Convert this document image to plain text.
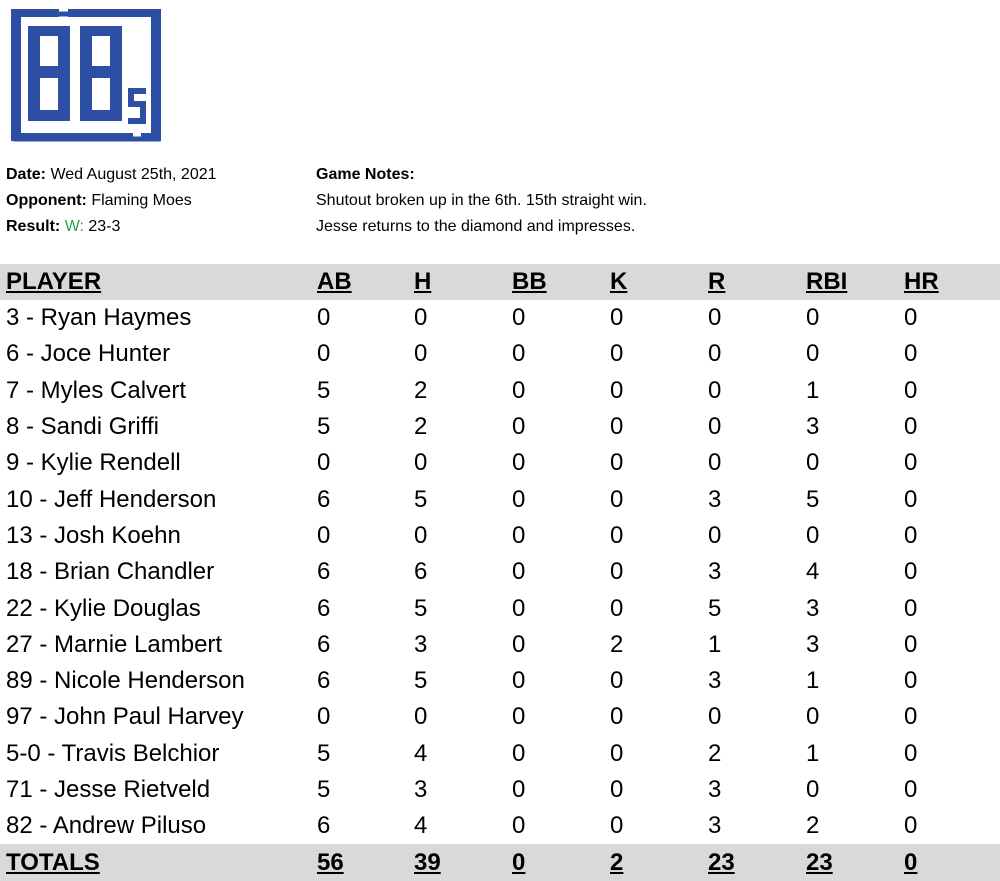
Date: Wed August 25th, 2021
Opponent: Flaming Moes
Result: W: 23-3
Game Notes:
Shutout broken up in the 6th. 15th straight win.
Jesse returns to the diamond and impresses.
PLAYER	AB	H	BB	K	R	RBI HR
3 - Ryan Haymes	0	0	0	0	0	0	0
6 - Joce Hunter	0	0	0	0	0	0	0
7 - Myles Calvert	5	2	0	0	0	1	0
8 - Sandi Griffi	5	2	0	0	0	3	0
9 - Kylie Rendell	0	0	0	0	0	0	0
10 - Jeff Henderson	6	5	0	0	3	5	0
13 - Josh Koehn	0	0	0	0	0	0	0
18 - Brian Chandler	6	6	0	0	3	4	0
22 - Kylie Douglas	6	5	0	0	5	3	0
27 - Marnie Lambert	6	3	0	2	1	3	0
89 - Nicole Henderson	6	5	0	0	3	1	0
97 - John Paul Harvey	0	0	0	0	0	0	0
5-0 - Travis Belchior	5	4	0	0	2	1	0
71 - Jesse Rietveld	5	3	0	0	3	0	0
82 - Andrew Piluso	6	4	0	0	3	2	0
TOTALS	56	39	0	2	23	23	0
